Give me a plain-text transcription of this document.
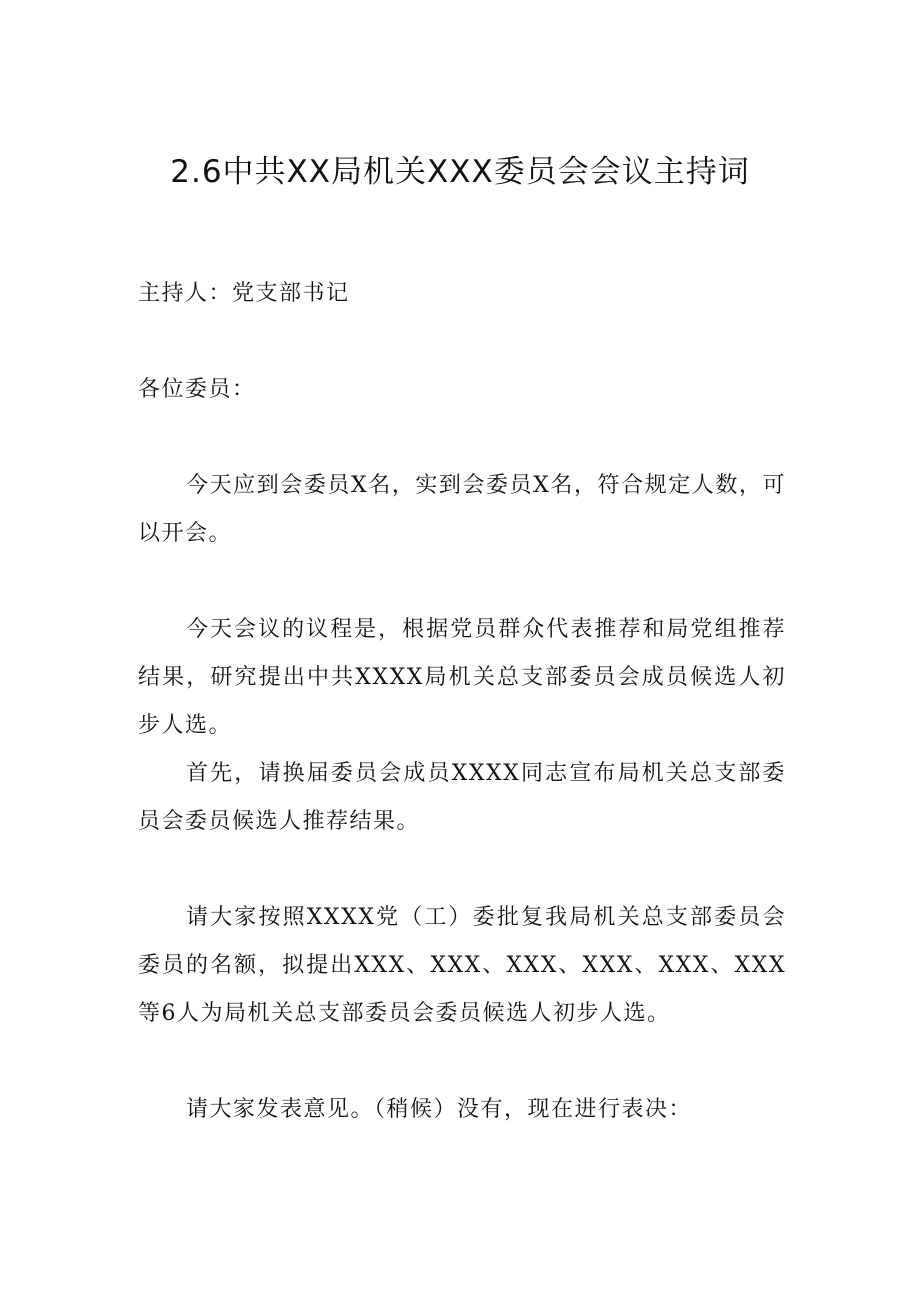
2.6中共XX局机关XXX委员会会议主持词

主持人：党支部书记

各位委员：

今天应到会委员X名，实到会委员X名，符合规定人数，可以开会。

今天会议的议程是，根据党员群众代表推荐和局党组推荐结果，研究提出中共XXXX局机关总支部委员会成员候选人初步人选。

首先，请换届委员会成员XXXX同志宣布局机关总支部委员会委员候选人推荐结果。

请大家按照XXXX党（工）委批复我局机关总支部委员会委员的名额，拟提出XXX、XXX、XXX、XXX、XXX、XXX等6人为局机关总支部委员会委员候选人初步人选。

请大家发表意见。（稍候）没有，现在进行表决：
